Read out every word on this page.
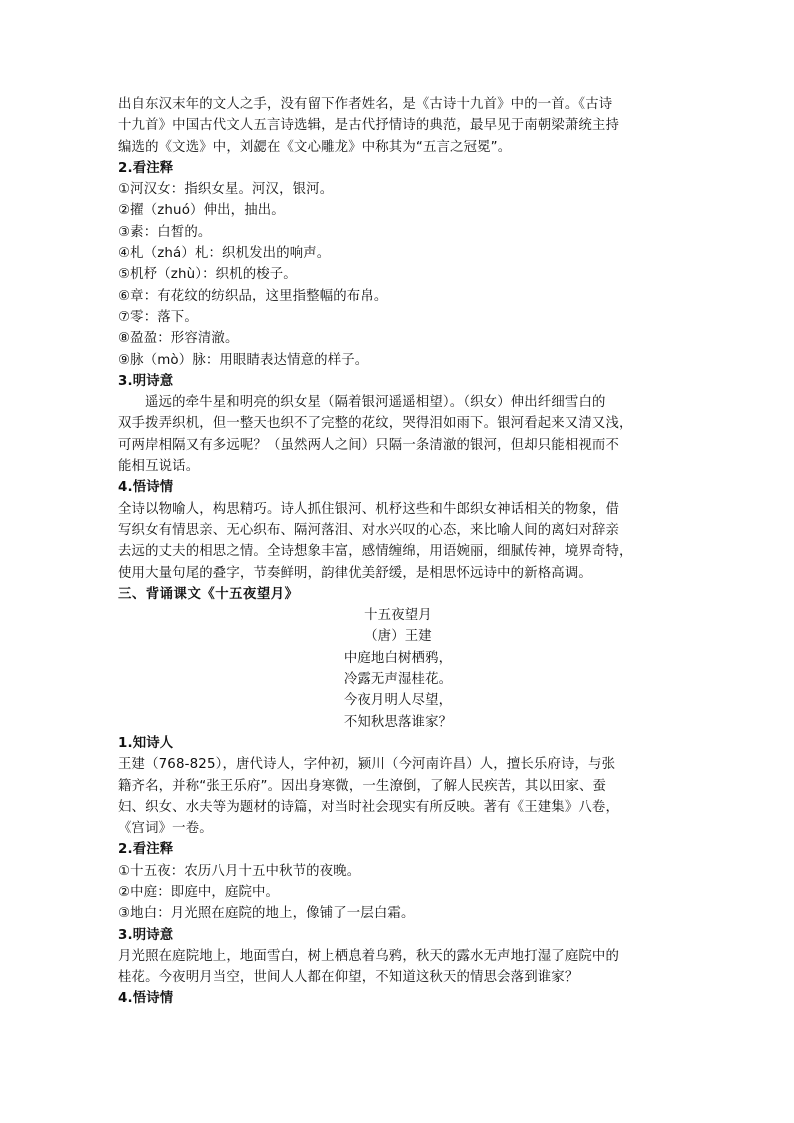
出自东汉末年的文人之手，没有留下作者姓名，是《古诗十九首》中的一首。《古诗

十九首》中国古代文人五言诗选辑，是古代抒情诗的典范，最早见于南朝梁萧统主持

编选的《文选》中，刘勰在《文心雕龙》中称其为“五言之冠冕”。

2.看注释

①河汉女：指织女星。河汉，银河。

②擢（zhuó）伸出，抽出。

③素：白皙的。

④札（zhá）札：织机发出的响声。

⑤机杼（zhù）：织机的梭子。

⑥章：有花纹的纺织品，这里指整幅的布帛。

⑦零：落下。

⑧盈盈：形容清澈。

⑨脉（mò）脉：用眼睛表达情意的样子。

3.明诗意

遥远的牵牛星和明亮的织女星（隔着银河遥遥相望）。（织女）伸出纤细雪白的

双手拨弄织机，但一整天也织不了完整的花纹，哭得泪如雨下。银河看起来又清又浅，

可两岸相隔又有多远呢？（虽然两人之间）只隔一条清澈的银河，但却只能相视而不

能相互说话。

4.悟诗情

全诗以物喻人，构思精巧。诗人抓住银河、机杼这些和牛郎织女神话相关的物象，借

写织女有情思亲、无心织布、隔河落泪、对水兴叹的心态，来比喻人间的离妇对辞亲

去远的丈夫的相思之情。全诗想象丰富，感情缠绵，用语婉丽，细腻传神，境界奇特，

使用大量句尾的叠字，节奏鲜明，韵律优美舒缓，是相思怀远诗中的新格高调。

三、背诵课文《十五夜望月》

十五夜望月

（唐）王建

中庭地白树栖鸦，

冷露无声湿桂花。

今夜月明人尽望，

不知秋思落谁家？

1.知诗人

王建（768-825），唐代诗人，字仲初，颍川（今河南许昌）人，擅长乐府诗，与张

籍齐名，并称“张王乐府”。因出身寒微，一生潦倒，了解人民疾苦，其以田家、蚕

妇、织女、水夫等为题材的诗篇，对当时社会现实有所反映。著有《王建集》八卷，

《宫词》一卷。

2.看注释

①十五夜：农历八月十五中秋节的夜晚。

②中庭：即庭中，庭院中。

③地白：月光照在庭院的地上，像铺了一层白霜。

3.明诗意

月光照在庭院地上，地面雪白，树上栖息着乌鸦，秋天的露水无声地打湿了庭院中的

桂花。今夜明月当空，世间人人都在仰望，不知道这秋天的情思会落到谁家？

4.悟诗情
